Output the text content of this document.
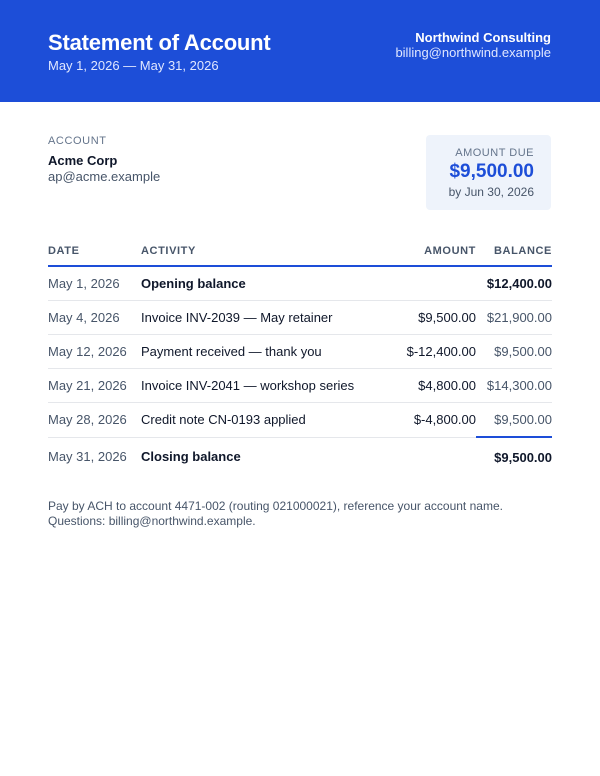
Statement of Account
May 1, 2026 — May 31, 2026
Northwind Consulting
billing@northwind.example
ACCOUNT
Acme Corp
ap@acme.example
AMOUNT DUE
$9,500.00
by Jun 30, 2026
DATE	ACTIVITY	AMOUNT	BALANCE
May 1, 2026	Opening balance		$12,400.00
May 4, 2026	Invoice INV-2039 — May retainer	$9,500.00	$21,900.00
May 12, 2026	Payment received — thank you	$-12,400.00	$9,500.00
May 21, 2026	Invoice INV-2041 — workshop series	$4,800.00	$14,300.00
May 28, 2026	Credit note CN-0193 applied	$-4,800.00	$9,500.00
May 31, 2026	Closing balance		$9,500.00
Pay by ACH to account 4471-002 (routing 021000021), reference your account name.
Questions: billing@northwind.example.
